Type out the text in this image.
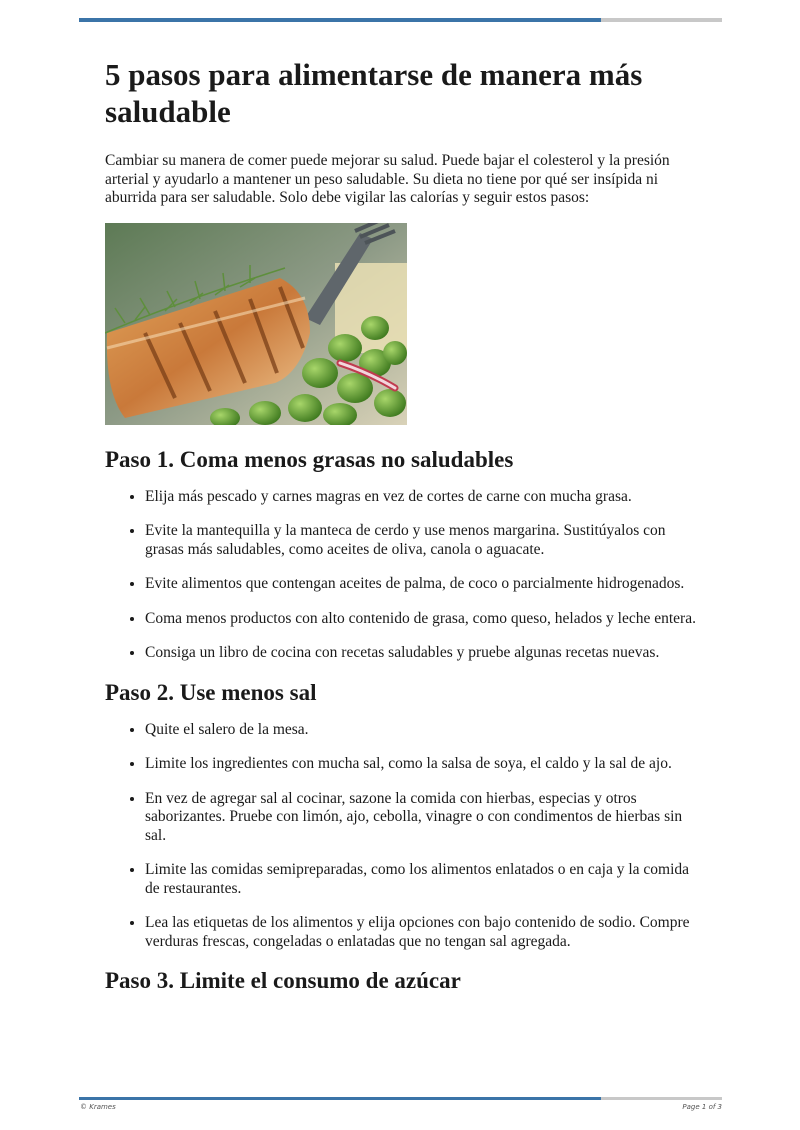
5 pasos para alimentarse de manera más saludable

Cambiar su manera de comer puede mejorar su salud. Puede bajar el colesterol y la presión arterial y ayudarlo a mantener un peso saludable. Su dieta no tiene por qué ser insípida ni aburrida para ser saludable. Solo debe vigilar las calorías y seguir estos pasos:

Paso 1. Coma menos grasas no saludables
• Elija más pescado y carnes magras en vez de cortes de carne con mucha grasa.
• Evite la mantequilla y la manteca de cerdo y use menos margarina. Sustitúyalos con grasas más saludables, como aceites de oliva, canola o aguacate.
• Evite alimentos que contengan aceites de palma, de coco o parcialmente hidrogenados.
• Coma menos productos con alto contenido de grasa, como queso, helados y leche entera.
• Consiga un libro de cocina con recetas saludables y pruebe algunas recetas nuevas.
Paso 2. Use menos sal
• Quite el salero de la mesa.
• Limite los ingredientes con mucha sal, como la salsa de soya, el caldo y la sal de ajo.
• En vez de agregar sal al cocinar, sazone la comida con hierbas, especias y otros saborizantes. Pruebe con limón, ajo, cebolla, vinagre o con condimentos de hierbas sin sal.
• Limite las comidas semipreparadas, como los alimentos enlatados o en caja y la comida de restaurantes.
• Lea las etiquetas de los alimentos y elija opciones con bajo contenido de sodio. Compre verduras frescas, congeladas o enlatadas que no tengan sal agregada.
Paso 3. Limite el consumo de azúcar
© Krames	Page 1 of 3
